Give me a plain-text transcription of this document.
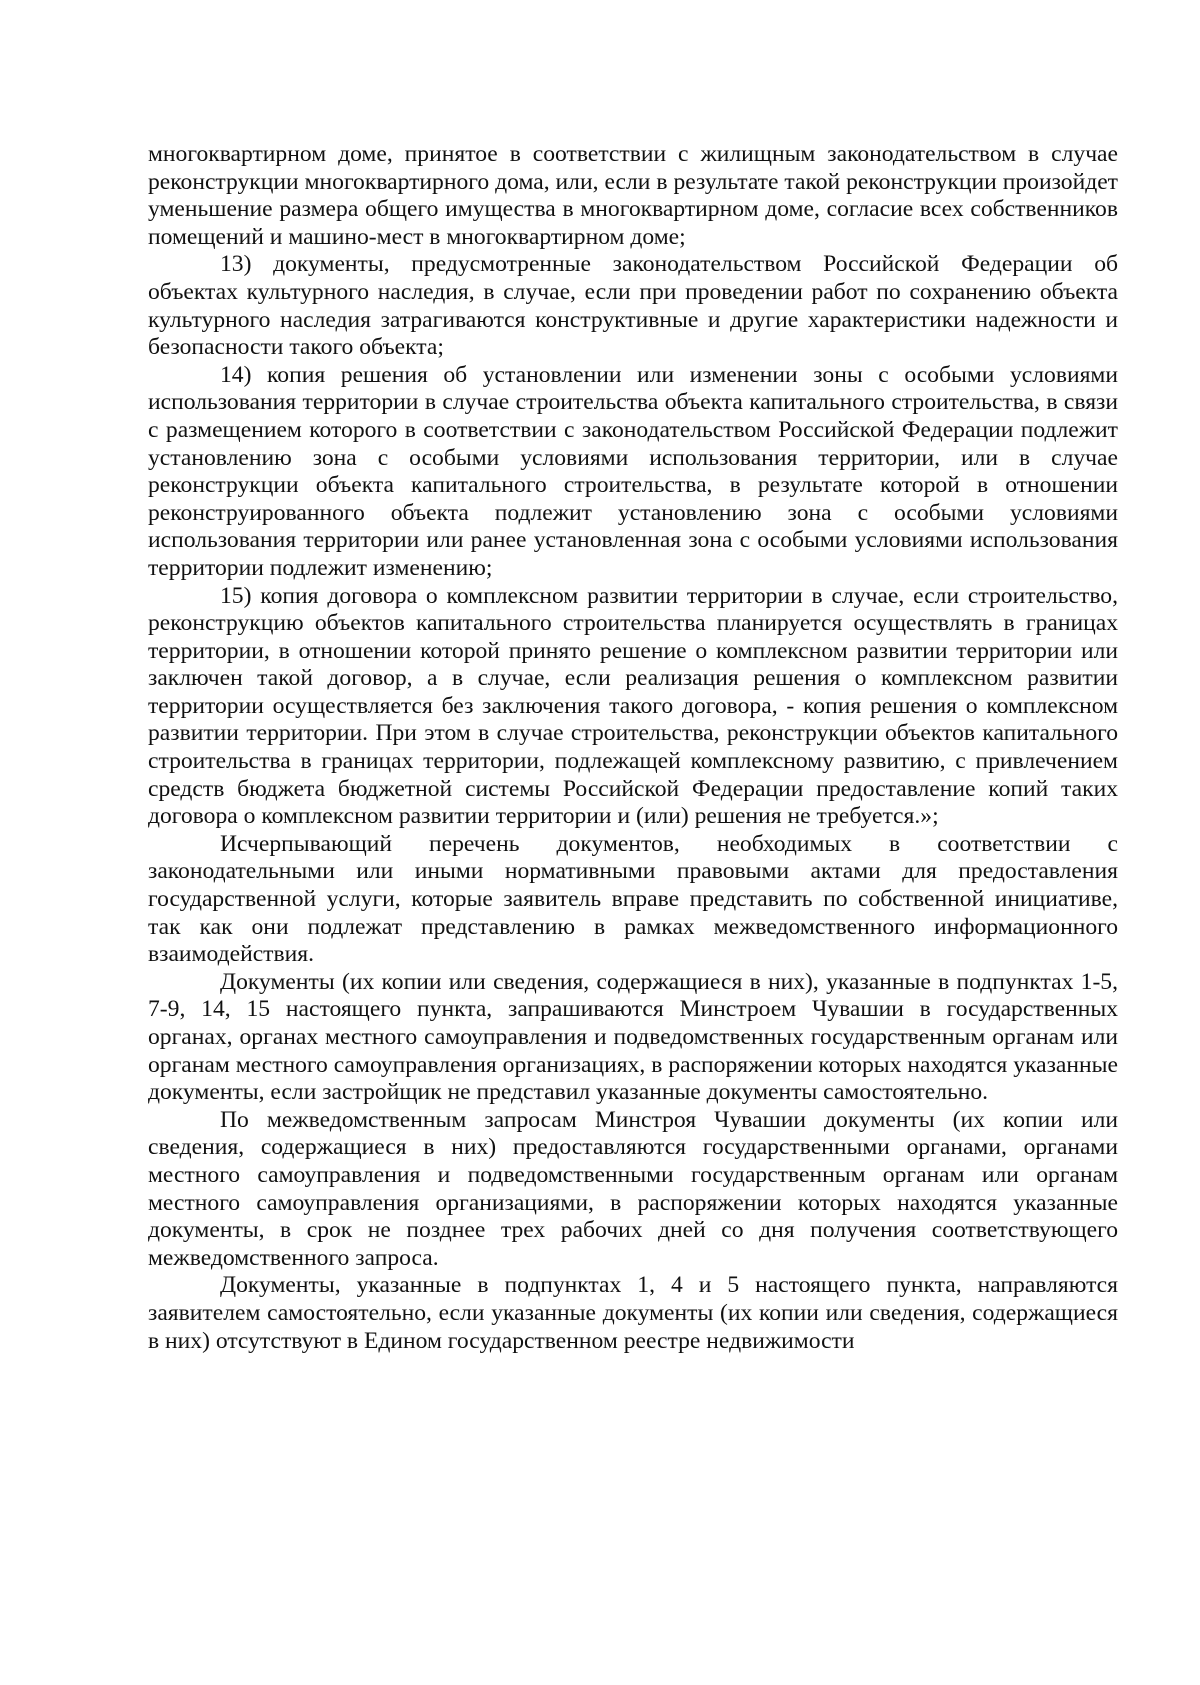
многоквартирном доме, принятое в соответствии с жилищным законодательством в случае реконструкции многоквартирного дома, или, если в результате такой реконструкции произойдет уменьшение размера общего имущества в многоквартирном доме, согласие всех собственников помещений и машино-мест в многоквартирном доме;

13) документы, предусмотренные законодательством Российской Федерации об объектах культурного наследия, в случае, если при проведении работ по сохранению объекта культурного наследия затрагиваются конструктивные и другие характеристики надежности и безопасности такого объекта;

14) копия решения об установлении или изменении зоны с особыми условиями использования территории в случае строительства объекта капитального строительства, в связи с размещением которого в соответствии с законодательством Российской Федерации подлежит установлению зона с особыми условиями использования территории, или в случае реконструкции объекта капитального строительства, в результате которой в отношении реконструированного объекта подлежит установлению зона с особыми условиями использования территории или ранее установленная зона с особыми условиями использования территории подлежит изменению;

15) копия договора о комплексном развитии территории в случае, если строительство, реконструкцию объектов капитального строительства планируется осуществлять в границах территории, в отношении которой принято решение о комплексном развитии территории или заключен такой договор, а в случае, если реализация решения о комплексном развитии территории осуществляется без заключения такого договора, - копия решения о комплексном развитии территории. При этом в случае строительства, реконструкции объектов капитального строительства в границах территории, подлежащей комплексному развитию, с привлечением средств бюджета бюджетной системы Российской Федерации предоставление копий таких договора о комплексном развитии территории и (или) решения не требуется.»;

Исчерпывающий перечень документов, необходимых в соответствии с законодательными или иными нормативными правовыми актами для предоставления государственной услуги, которые заявитель вправе представить по собственной инициативе, так как они подлежат представлению в рамках межведомственного информационного взаимодействия.

Документы (их копии или сведения, содержащиеся в них), указанные в подпунктах 1-5, 7-9, 14, 15 настоящего пункта, запрашиваются Минстроем Чувашии в государственных органах, органах местного самоуправления и подведомственных государственным органам или органам местного самоуправления организациях, в распоряжении которых находятся указанные документы, если застройщик не представил указанные документы самостоятельно.

По межведомственным запросам Минстроя Чувашии документы (их копии или сведения, содержащиеся в них) предоставляются государственными органами, органами местного самоуправления и подведомственными государственным органам или органам местного самоуправления организациями, в распоряжении которых находятся указанные документы, в срок не позднее трех рабочих дней со дня получения соответствующего межведомственного запроса.

Документы, указанные в подпунктах 1, 4 и 5 настоящего пункта, направляются заявителем самостоятельно, если указанные документы (их копии или сведения, содержащиеся в них) отсутствуют в Едином государственном реестре недвижимости
